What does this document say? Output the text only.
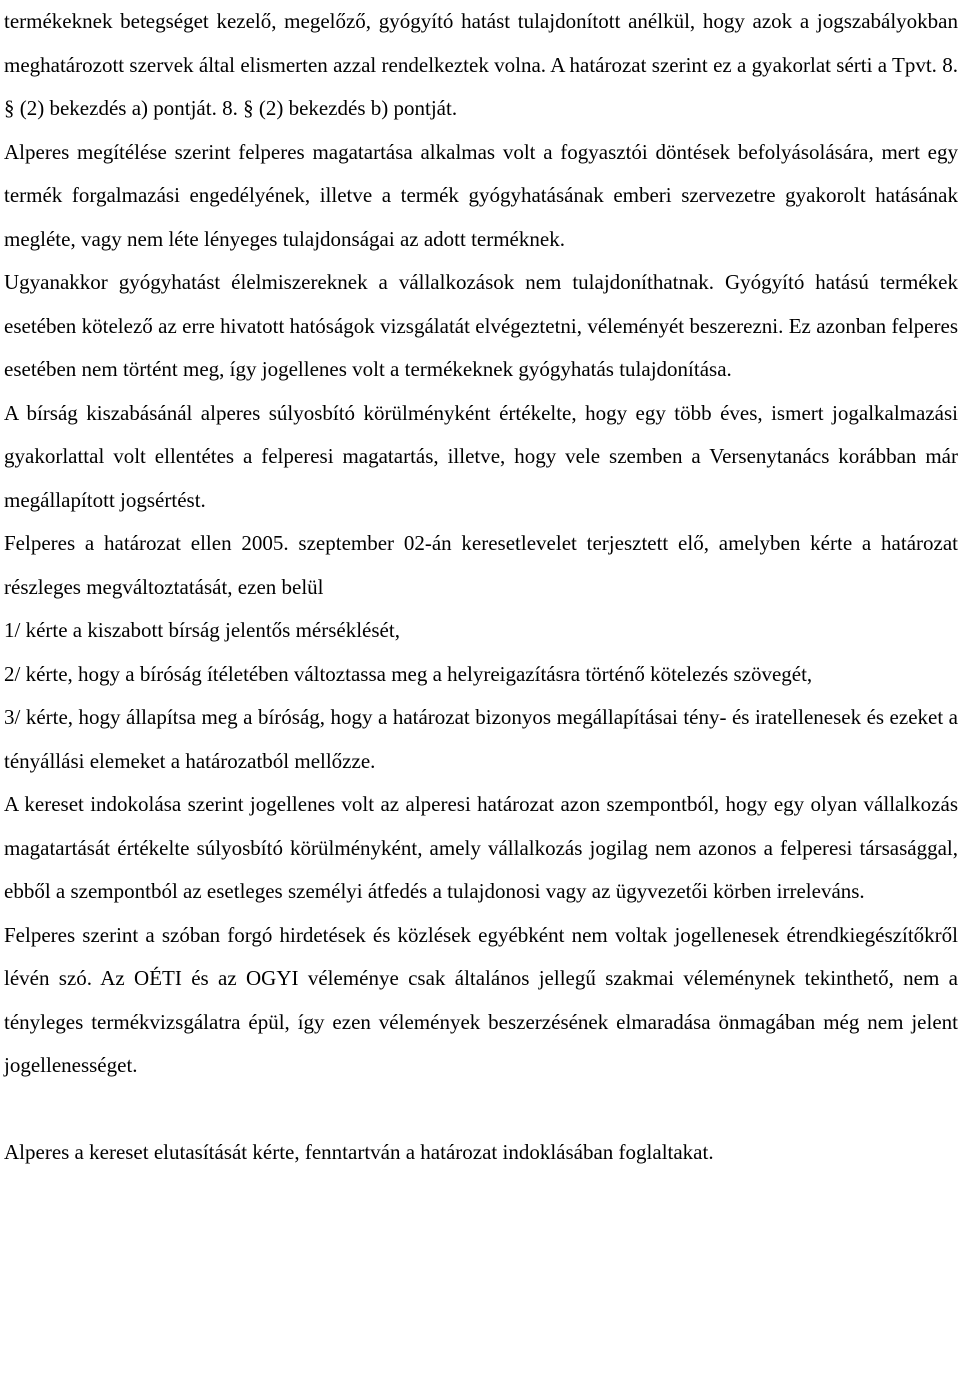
termékeknek betegséget kezelő, megelőző, gyógyító hatást tulajdonított anélkül, hogy azok a jogszabályokban meghatározott szervek által elismerten azzal rendelkeztek volna. A határozat szerint ez a gyakorlat sérti a Tpvt. 8. § (2) bekezdés a) pontját. 8. § (2) bekezdés b) pontját.

Alperes megítélése szerint felperes magatartása alkalmas volt a fogyasztói döntések befolyásolására, mert egy termék forgalmazási engedélyének, illetve a termék gyógyhatásának emberi szervezetre gyakorolt hatásának megléte, vagy nem léte lényeges tulajdonságai az adott terméknek.

Ugyanakkor gyógyhatást élelmiszereknek a vállalkozások nem tulajdoníthatnak. Gyógyító hatású termékek esetében kötelező az erre hivatott hatóságok vizsgálatát elvégeztetni, véleményét beszerezni. Ez azonban felperes esetében nem történt meg, így jogellenes volt a termékeknek gyógyhatás tulajdonítása.

A bírság kiszabásánál alperes súlyosbító körülményként értékelte, hogy egy több éves, ismert jogalkalmazási gyakorlattal volt ellentétes a felperesi magatartás, illetve, hogy vele szemben a Versenytanács korábban már megállapított jogsértést.

Felperes a határozat ellen 2005. szeptember 02-án keresetlevelet terjesztett elő, amelyben kérte a határozat részleges megváltoztatását, ezen belül

1/ kérte a kiszabott bírság jelentős mérséklését,

2/ kérte, hogy a bíróság ítéletében változtassa meg a helyreigazításra történő kötelezés szövegét,

3/ kérte, hogy állapítsa meg a bíróság, hogy a határozat bizonyos megállapításai tény- és iratellenesek és ezeket a tényállási elemeket a határozatból mellőzze.

A kereset indokolása szerint jogellenes volt az alperesi határozat azon szempontból, hogy egy olyan vállalkozás magatartását értékelte súlyosbító körülményként, amely vállalkozás jogilag nem azonos a felperesi társasággal, ebből a szempontból az esetleges személyi átfedés a tulajdonosi vagy az ügyvezetői körben irreleváns.

Felperes szerint a szóban forgó hirdetések és közlések egyébként nem voltak jogellenesek étrendkiegészítőkről lévén szó. Az OÉTI és az OGYI véleménye csak általános jellegű szakmai véleménynek tekinthető, nem a tényleges termékvizsgálatra épül, így ezen vélemények beszerzésének elmaradása önmagában még nem jelent jogellenességet.

Alperes a kereset elutasítását kérte, fenntartván a határozat indoklásában foglaltakat.
